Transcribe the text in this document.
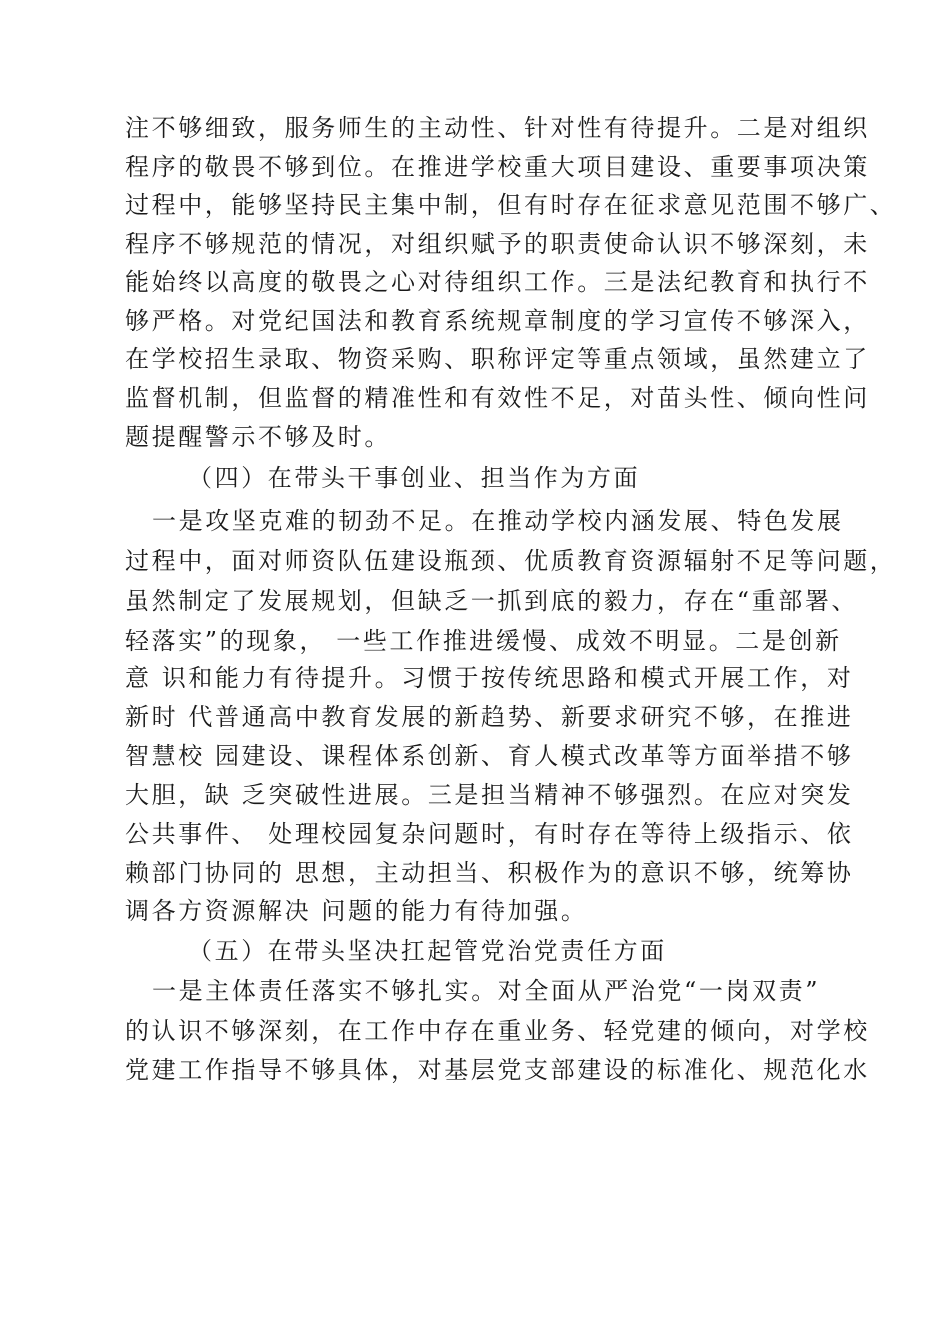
注不够细致，服务师生的主动性、针对性有待提升。二是对组织
程序的敬畏不够到位。在推进学校重大项目建设、重要事项决策
过程中，能够坚持民主集中制，但有时存在征求意见范围不够广、
程序不够规范的情况，对组织赋予的职责使命认识不够深刻，未
能始终以高度的敬畏之心对待组织工作。三是法纪教育和执行不
够严格。对党纪国法和教育系统规章制度的学习宣传不够深入，
在学校招生录取、物资采购、职称评定等重点领域，虽然建立了
监督机制，但监督的精准性和有效性不足，对苗头性、倾向性问
题提醒警示不够及时。
（四）在带头干事创业、担当作为方面
一是攻坚克难的韧劲不足。在推动学校内涵发展、特色发展
过程中，面对师资队伍建设瓶颈、优质教育资源辐射不足等问题，
虽然制定了发展规划，但缺乏一抓到底的毅力，存在“重部署、
轻落实”的现象， 一些工作推进缓慢、成效不明显。二是创新
意 识和能力有待提升。习惯于按传统思路和模式开展工作，对
新时 代普通高中教育发展的新趋势、新要求研究不够，在推进
智慧校 园建设、课程体系创新、育人模式改革等方面举措不够
大胆，缺 乏突破性进展。三是担当精神不够强烈。在应对突发
公共事件、 处理校园复杂问题时，有时存在等待上级指示、依
赖部门协同的 思想，主动担当、积极作为的意识不够，统筹协
调各方资源解决 问题的能力有待加强。
（五）在带头坚决扛起管党治党责任方面
一是主体责任落实不够扎实。对全面从严治党“一岗双责”
的认识不够深刻，在工作中存在重业务、轻党建的倾向，对学校
党建工作指导不够具体，对基层党支部建设的标准化、规范化水
